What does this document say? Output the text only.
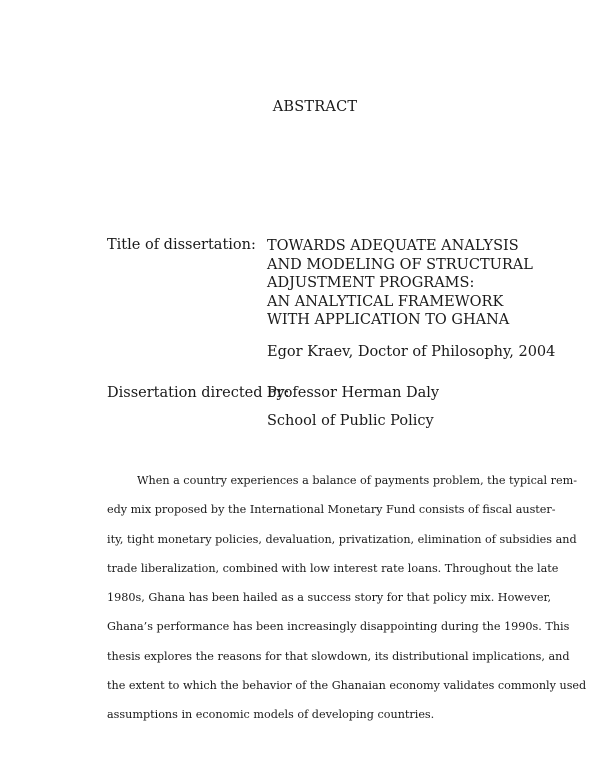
ABSTRACT
Title of dissertation: TOWARDS ADEQUATE ANALYSIS
AND MODELING OF STRUCTURAL
ADJUSTMENT PROGRAMS:
AN ANALYTICAL FRAMEWORK
WITH APPLICATION TO GHANA
Egor Kraev, Doctor of Philosophy, 2004
Dissertation directed by:
Professor Herman Daly
School of Public Policy
When a country experiences a balance of payments problem, the typical rem-
edy mix proposed by the International Monetary Fund consists of fiscal auster-
ity, tight monetary policies, devaluation, privatization, elimination of subsidies and
trade liberalization, combined with low interest rate loans. Throughout the late
1980s, Ghana has been hailed as a success story for that policy mix. However,
Ghana’s performance has been increasingly disappointing during the 1990s. This
thesis explores the reasons for that slowdown, its distributional implications, and
the extent to which the behavior of the Ghanaian economy validates commonly used
assumptions in economic models of developing countries.
